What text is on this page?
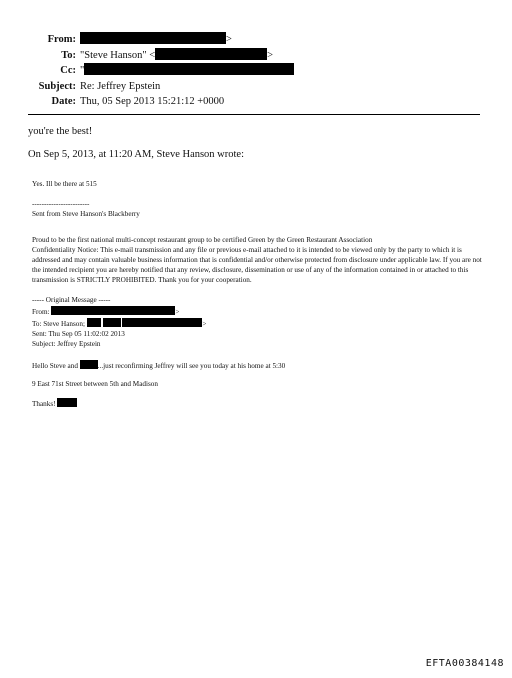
From:	>
To: "Steve Hanson" <	>
Cc: "
Subject: Re: Jeffrey Epstein
Date: Thu, 05 Sep 2013 15:21:12 +0000

you're the best!

On Sep 5, 2013, at 11:20 AM, Steve Hanson wrote:

Yes. Ill be there at 515

------------------------

Sent from Steve Hanson's Blackberry

Proud to be the first national multi-concept restaurant group to be certified Green by the Green Restaurant Association

Confidentiality Notice: This e-mail transmission and any file or previous e-mail attached to it is intended to be viewed only by the party to which it is addressed and may contain valuable business information that is confidential and/or otherwise protected from disclosure under applicable law. If you are not the intended recipient you are hereby notified that any review, disclosure, dissemination or use of any of the information contained in or attached to this transmission is STRICTLY PROHIBITED. Thank you for your cooperation.

----- Original Message -----

From:	>

To: Steve Hanson;	>

Sent: Thu Sep 05 11:02:02 2013

Subject: Jeffrey Epstein

Hello Steve and	...just reconfirming Jeffrey will see you today at his home at 5:30

9 East 71st Street between 5th and Madison

Thanks!

EFTA00384148
